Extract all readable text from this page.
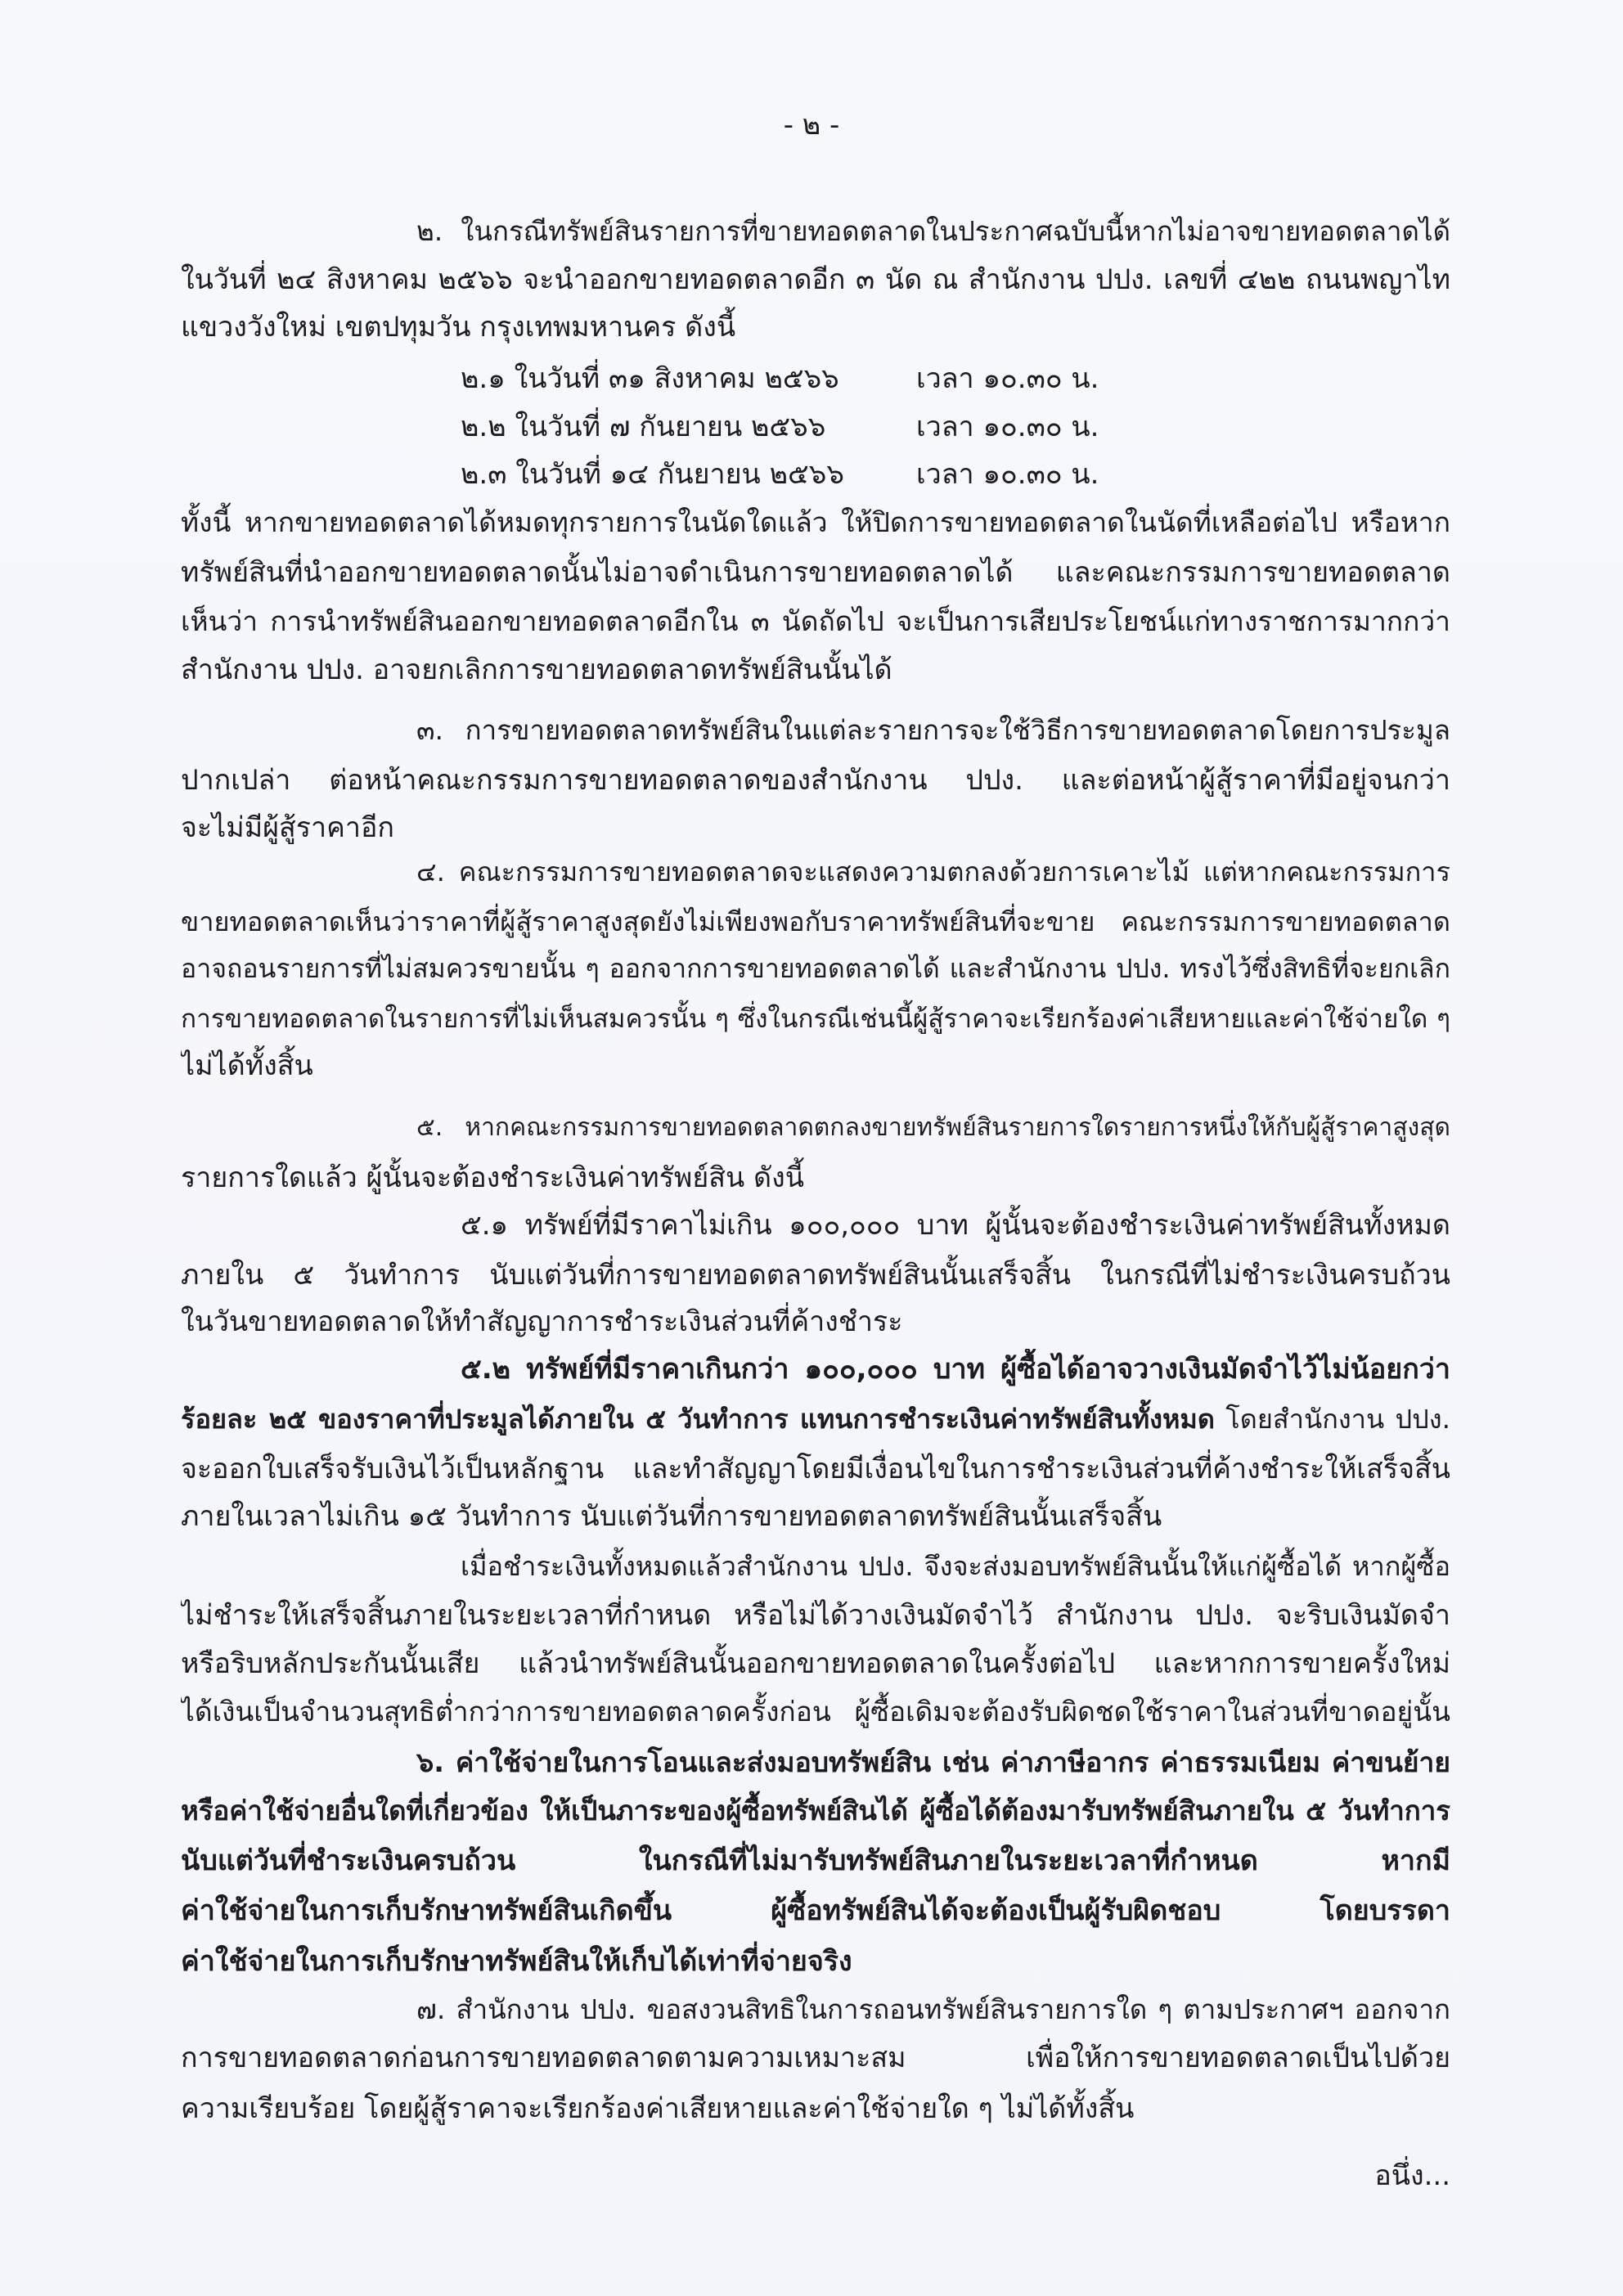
- ๒ -
๒. ในกรณีทรัพย์สินรายการที่ขายทอดตลาดในประกาศฉบับนี้หากไม่อาจขายทอดตลาดได้
ในวันที่ ๒๔ สิงหาคม ๒๕๖๖ จะนำออกขายทอดตลาดอีก ๓ นัด ณ สำนักงาน ปปง. เลขที่ ๔๒๒ ถนนพญาไท
แขวงวังใหม่ เขตปทุมวัน กรุงเทพมหานคร ดังนี้
๒.๑ ในวันที่ ๓๑ สิงหาคม ๒๕๖๖	เวลา ๑๐.๓๐ น.
๒.๒ ในวันที่ ๗ กันยายน ๒๕๖๖	เวลา ๑๐.๓๐ น.
๒.๓ ในวันที่ ๑๔ กันยายน ๒๕๖๖	เวลา ๑๐.๓๐ น.
ทั้งนี้ หากขายทอดตลาดได้หมดทุกรายการในนัดใดแล้ว ให้ปิดการขายทอดตลาดในนัดที่เหลือต่อไป หรือหาก
ทรัพย์สินที่นำออกขายทอดตลาดนั้นไม่อาจดำเนินการขายทอดตลาดได้ และคณะกรรมการขายทอดตลาด
เห็นว่า การนำทรัพย์สินออกขายทอดตลาดอีกใน ๓ นัดถัดไป จะเป็นการเสียประโยชน์แก่ทางราชการมากกว่า
สำนักงาน ปปง. อาจยกเลิกการขายทอดตลาดทรัพย์สินนั้นได้
๓. การขายทอดตลาดทรัพย์สินในแต่ละรายการจะใช้วิธีการขายทอดตลาดโดยการประมูล
ปากเปล่า ต่อหน้าคณะกรรมการขายทอดตลาดของสำนักงาน ปปง. และต่อหน้าผู้สู้ราคาที่มีอยู่จนกว่า
จะไม่มีผู้สู้ราคาอีก
๔. คณะกรรมการขายทอดตลาดจะแสดงความตกลงด้วยการเคาะไม้ แต่หากคณะกรรมการ
ขายทอดตลาดเห็นว่าราคาที่ผู้สู้ราคาสูงสุดยังไม่เพียงพอกับราคาทรัพย์สินที่จะขาย คณะกรรมการขายทอดตลาด
อาจถอนรายการที่ไม่สมควรขายนั้น ๆ ออกจากการขายทอดตลาดได้ และสำนักงาน ปปง. ทรงไว้ซึ่งสิทธิที่จะยกเลิก
การขายทอดตลาดในรายการที่ไม่เห็นสมควรนั้น ๆ ซึ่งในกรณีเช่นนี้ผู้สู้ราคาจะเรียกร้องค่าเสียหายและค่าใช้จ่ายใด ๆ
ไม่ได้ทั้งสิ้น
๕. หากคณะกรรมการขายทอดตลาดตกลงขายทรัพย์สินรายการใดรายการหนึ่งให้กับผู้สู้ราคาสูงสุด
รายการใดแล้ว ผู้นั้นจะต้องชำระเงินค่าทรัพย์สิน ดังนี้
๕.๑ ทรัพย์ที่มีราคาไม่เกิน ๑๐๐,๐๐๐ บาท ผู้นั้นจะต้องชำระเงินค่าทรัพย์สินทั้งหมด
ภายใน ๕ วันทำการ นับแต่วันที่การขายทอดตลาดทรัพย์สินนั้นเสร็จสิ้น ในกรณีที่ไม่ชำระเงินครบถ้วน
ในวันขายทอดตลาดให้ทำสัญญาการชำระเงินส่วนที่ค้างชำระ
๕.๒ ทรัพย์ที่มีราคาเกินกว่า ๑๐๐,๐๐๐ บาท ผู้ซื้อได้อาจวางเงินมัดจำไว้ไม่น้อยกว่า
ร้อยละ ๒๕ ของราคาที่ประมูลได้ภายใน ๕ วันทำการ แทนการชำระเงินค่าทรัพย์สินทั้งหมด โดยสำนักงาน ปปง.
จะออกใบเสร็จรับเงินไว้เป็นหลักฐาน และทำสัญญาโดยมีเงื่อนไขในการชำระเงินส่วนที่ค้างชำระให้เสร็จสิ้น
ภายในเวลาไม่เกิน ๑๕ วันทำการ นับแต่วันที่การขายทอดตลาดทรัพย์สินนั้นเสร็จสิ้น
เมื่อชำระเงินทั้งหมดแล้วสำนักงาน ปปง. จึงจะส่งมอบทรัพย์สินนั้นให้แก่ผู้ซื้อได้ หากผู้ซื้อ
ไม่ชำระให้เสร็จสิ้นภายในระยะเวลาที่กำหนด หรือไม่ได้วางเงินมัดจำไว้ สำนักงาน ปปง. จะริบเงินมัดจำ
หรือริบหลักประกันนั้นเสีย แล้วนำทรัพย์สินนั้นออกขายทอดตลาดในครั้งต่อไป และหากการขายครั้งใหม่
ได้เงินเป็นจำนวนสุทธิต่ำกว่าการขายทอดตลาดครั้งก่อน ผู้ซื้อเดิมจะต้องรับผิดชดใช้ราคาในส่วนที่ขาดอยู่นั้น
๖. ค่าใช้จ่ายในการโอนและส่งมอบทรัพย์สิน เช่น ค่าภาษีอากร ค่าธรรมเนียม ค่าขนย้าย
หรือค่าใช้จ่ายอื่นใดที่เกี่ยวข้อง ให้เป็นภาระของผู้ซื้อทรัพย์สินได้ ผู้ซื้อได้ต้องมารับทรัพย์สินภายใน ๕ วันทำการ
นับแต่วันที่ชำระเงินครบถ้วน ในกรณีที่ไม่มารับทรัพย์สินภายในระยะเวลาที่กำหนด หากมี
ค่าใช้จ่ายในการเก็บรักษาทรัพย์สินเกิดขึ้น ผู้ซื้อทรัพย์สินได้จะต้องเป็นผู้รับผิดชอบ โดยบรรดา
ค่าใช้จ่ายในการเก็บรักษาทรัพย์สินให้เก็บได้เท่าที่จ่ายจริง
๗. สำนักงาน ปปง. ขอสงวนสิทธิในการถอนทรัพย์สินรายการใด ๆ ตามประกาศฯ ออกจาก
การขายทอดตลาดก่อนการขายทอดตลาดตามความเหมาะสม เพื่อให้การขายทอดตลาดเป็นไปด้วย
ความเรียบร้อย โดยผู้สู้ราคาจะเรียกร้องค่าเสียหายและค่าใช้จ่ายใด ๆ ไม่ได้ทั้งสิ้น
อนึ่ง...
